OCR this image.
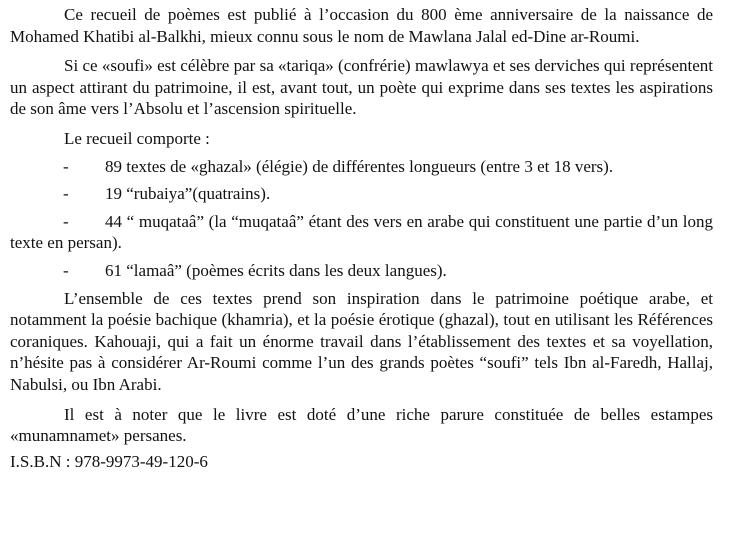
Ce recueil de poèmes est publié à l’occasion du 800 ème anniversaire de la naissance de Mohamed Khatibi al-Balkhi, mieux connu sous le nom de Mawlana Jalal ed-Dine ar-Roumi.

Si ce «soufi» est célèbre par sa «tariqa» (confrérie) mawlawya et ses derviches qui représentent un aspect attirant du patrimoine, il est, avant tout, un poète qui exprime dans ses textes les aspirations de son âme vers l’Absolu et l’ascension spirituelle.

Le recueil comporte :

- 89 textes de «ghazal» (élégie) de différentes longueurs (entre 3 et 18 vers).

- 19 “rubaiya”(quatrains).

- 44 “ muqataâ” (la “muqataâ” étant des vers en arabe qui constituent une partie d’un long texte en persan).

- 61 “lamaâ” (poèmes écrits dans les deux langues).

L’ensemble de ces textes prend son inspiration dans le patrimoine poétique arabe, et notamment la poésie bachique (khamria), et la poésie érotique (ghazal), tout en utilisant les Références coraniques. Kahouaji, qui a fait un énorme travail dans l’établissement des textes et sa voyellation, n’hésite pas à considérer Ar-Roumi comme l’un des grands poètes “soufi” tels Ibn al-Faredh, Hallaj, Nabulsi, ou Ibn Arabi.

Il est à noter que le livre est doté d’une riche parure constituée de belles estampes «munamnamet» persanes.

I.S.B.N : 978-9973-49-120-6
